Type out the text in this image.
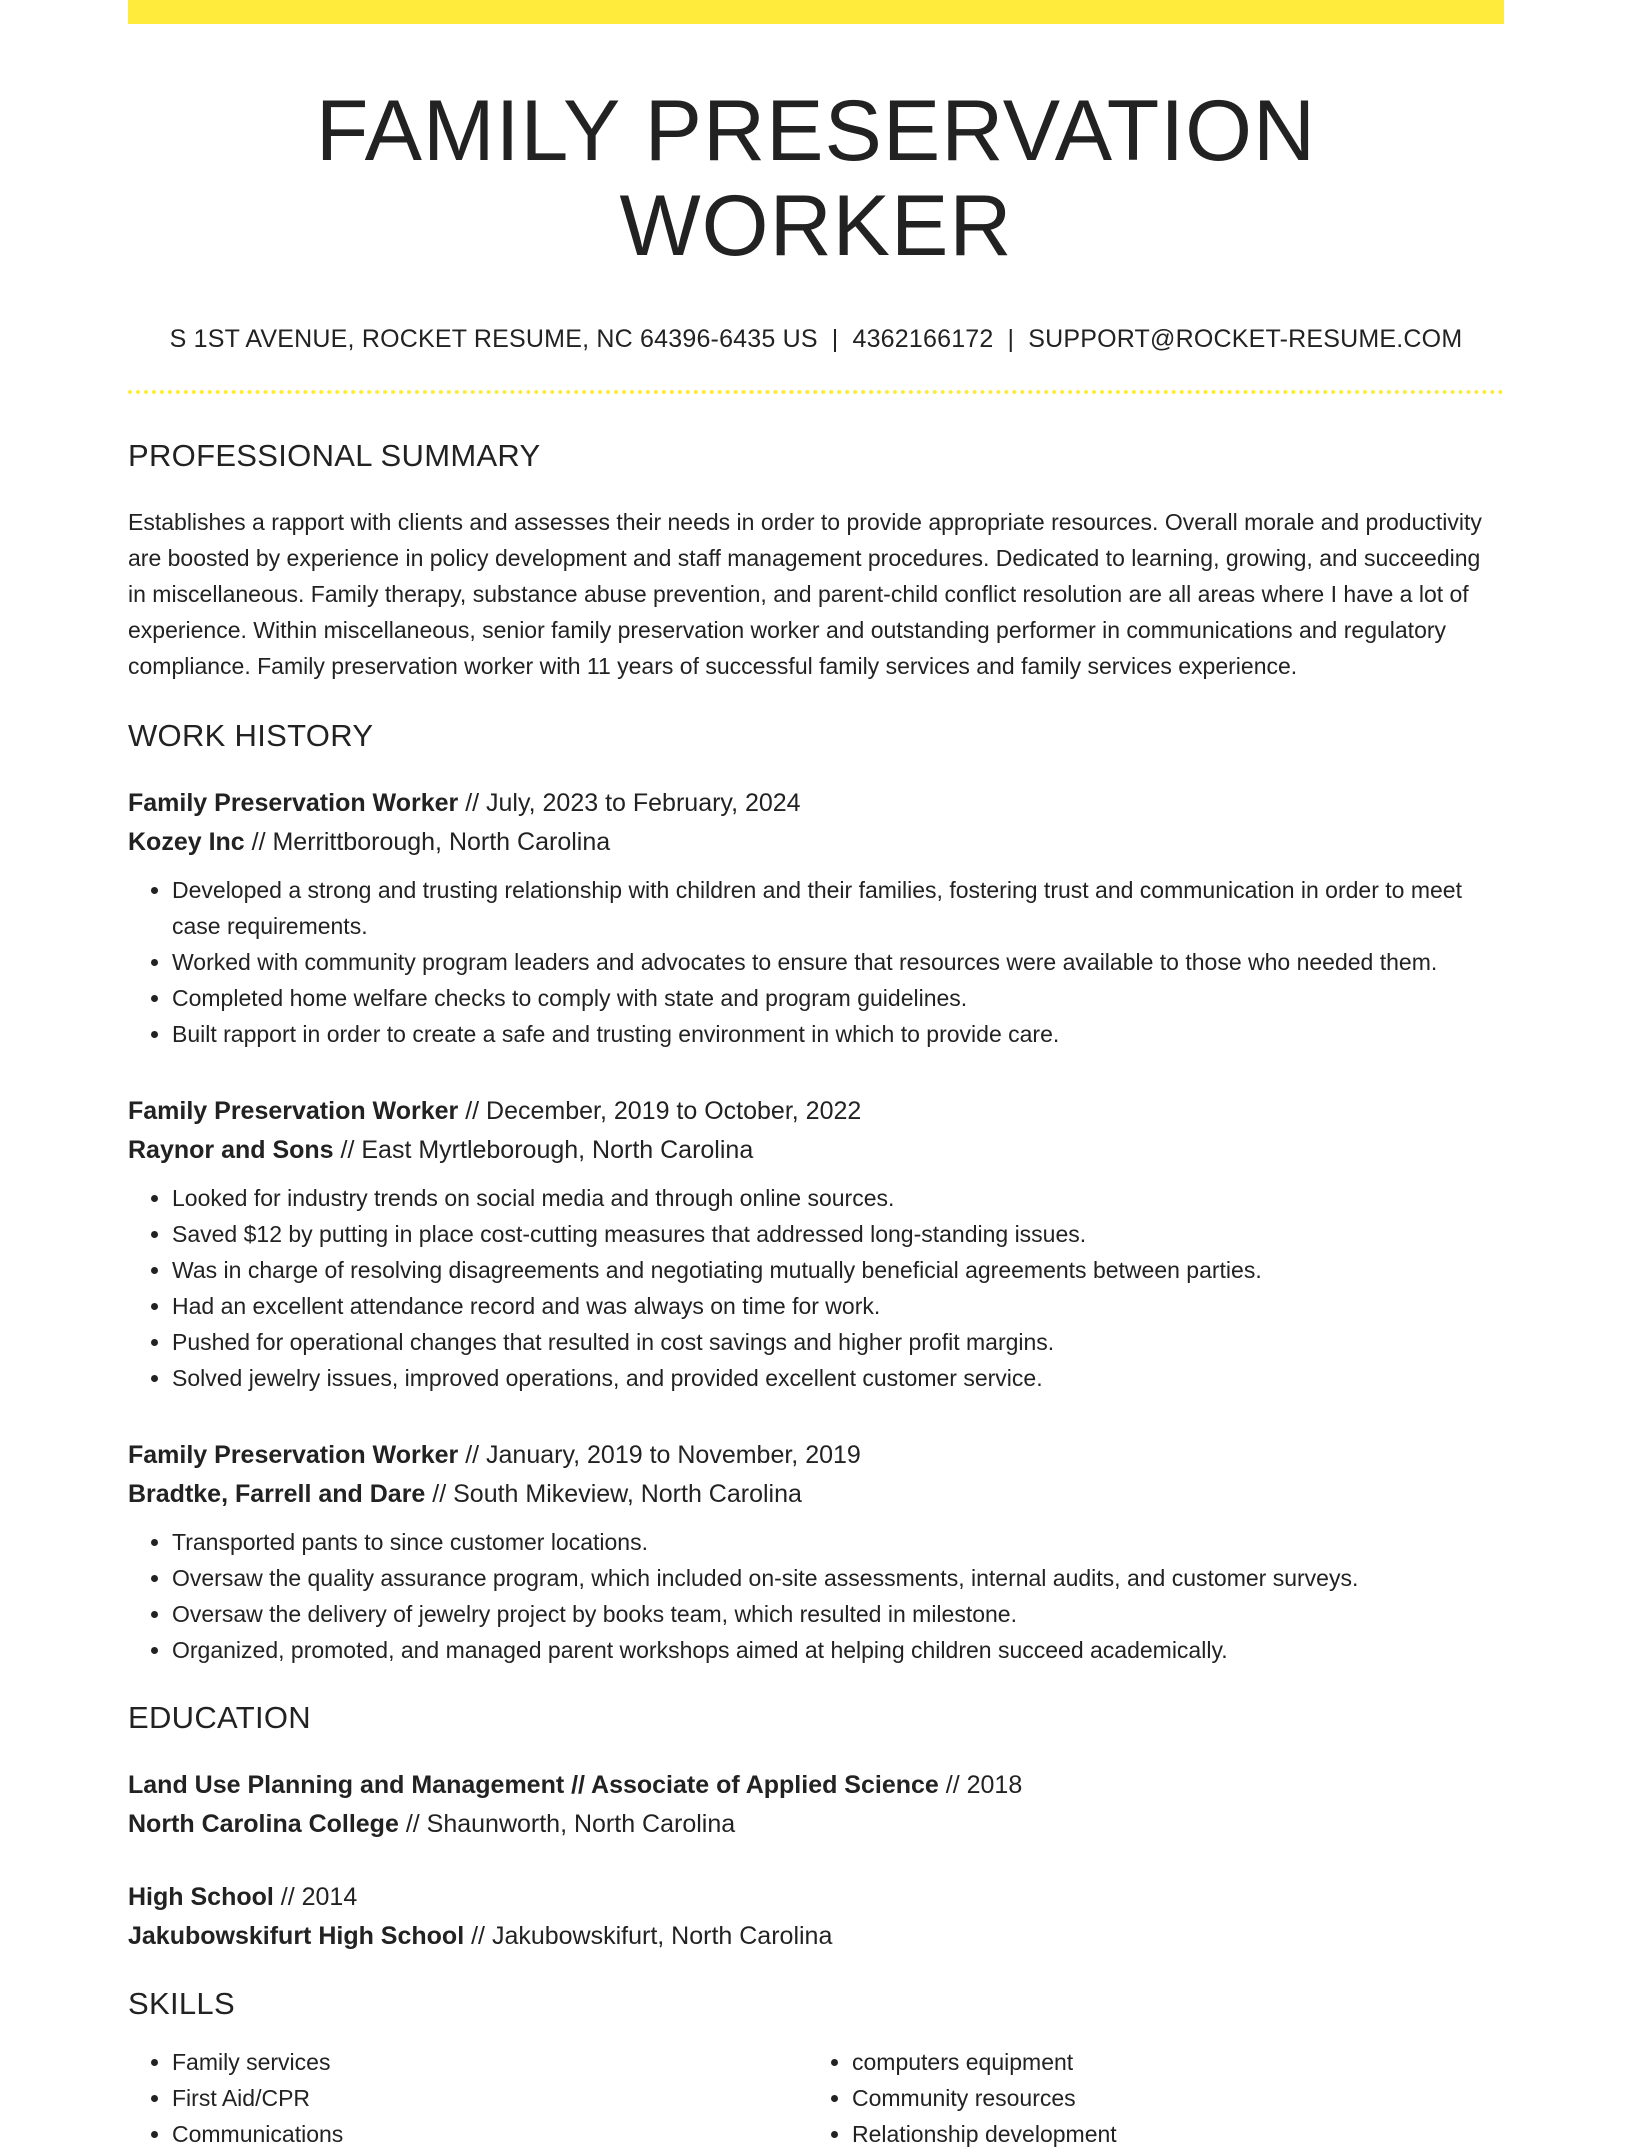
FAMILY PRESERVATION WORKER
S 1ST AVENUE, ROCKET RESUME, NC 64396-6435 US | 4362166172 | SUPPORT@ROCKET-RESUME.COM
PROFESSIONAL SUMMARY

Establishes a rapport with clients and assesses their needs in order to provide appropriate resources. Overall morale and productivity are boosted by experience in policy development and staff management procedures. Dedicated to learning, growing, and succeeding in miscellaneous. Family therapy, substance abuse prevention, and parent-child conflict resolution are all areas where I have a lot of experience. Within miscellaneous, senior family preservation worker and outstanding performer in communications and regulatory compliance. Family preservation worker with 11 years of successful family services and family services experience.

WORK HISTORY
Family Preservation Worker // July, 2023 to February, 2024
Kozey Inc // Merrittborough, North Carolina
• Developed a strong and trusting relationship with children and their families, fostering trust and communication in order to meet case requirements.
• Worked with community program leaders and advocates to ensure that resources were available to those who needed them.
• Completed home welfare checks to comply with state and program guidelines.
• Built rapport in order to create a safe and trusting environment in which to provide care.
Family Preservation Worker // December, 2019 to October, 2022
Raynor and Sons // East Myrtleborough, North Carolina
• Looked for industry trends on social media and through online sources.
• Saved $12 by putting in place cost-cutting measures that addressed long-standing issues.
• Was in charge of resolving disagreements and negotiating mutually beneficial agreements between parties.
• Had an excellent attendance record and was always on time for work.
• Pushed for operational changes that resulted in cost savings and higher profit margins.
• Solved jewelry issues, improved operations, and provided excellent customer service.
Family Preservation Worker // January, 2019 to November, 2019
Bradtke, Farrell and Dare // South Mikeview, North Carolina
• Transported pants to since customer locations.
• Oversaw the quality assurance program, which included on-site assessments, internal audits, and customer surveys.
• Oversaw the delivery of jewelry project by books team, which resulted in milestone.
• Organized, promoted, and managed parent workshops aimed at helping children succeed academically.
EDUCATION
Land Use Planning and Management // Associate of Applied Science // 2018
North Carolina College // Shaunworth, North Carolina
High School // 2014
Jakubowskifurt High School // Jakubowskifurt, North Carolina
SKILLS
• Family services
• First Aid/CPR
• Communications
• computers equipment
• Community resources
• Relationship development
